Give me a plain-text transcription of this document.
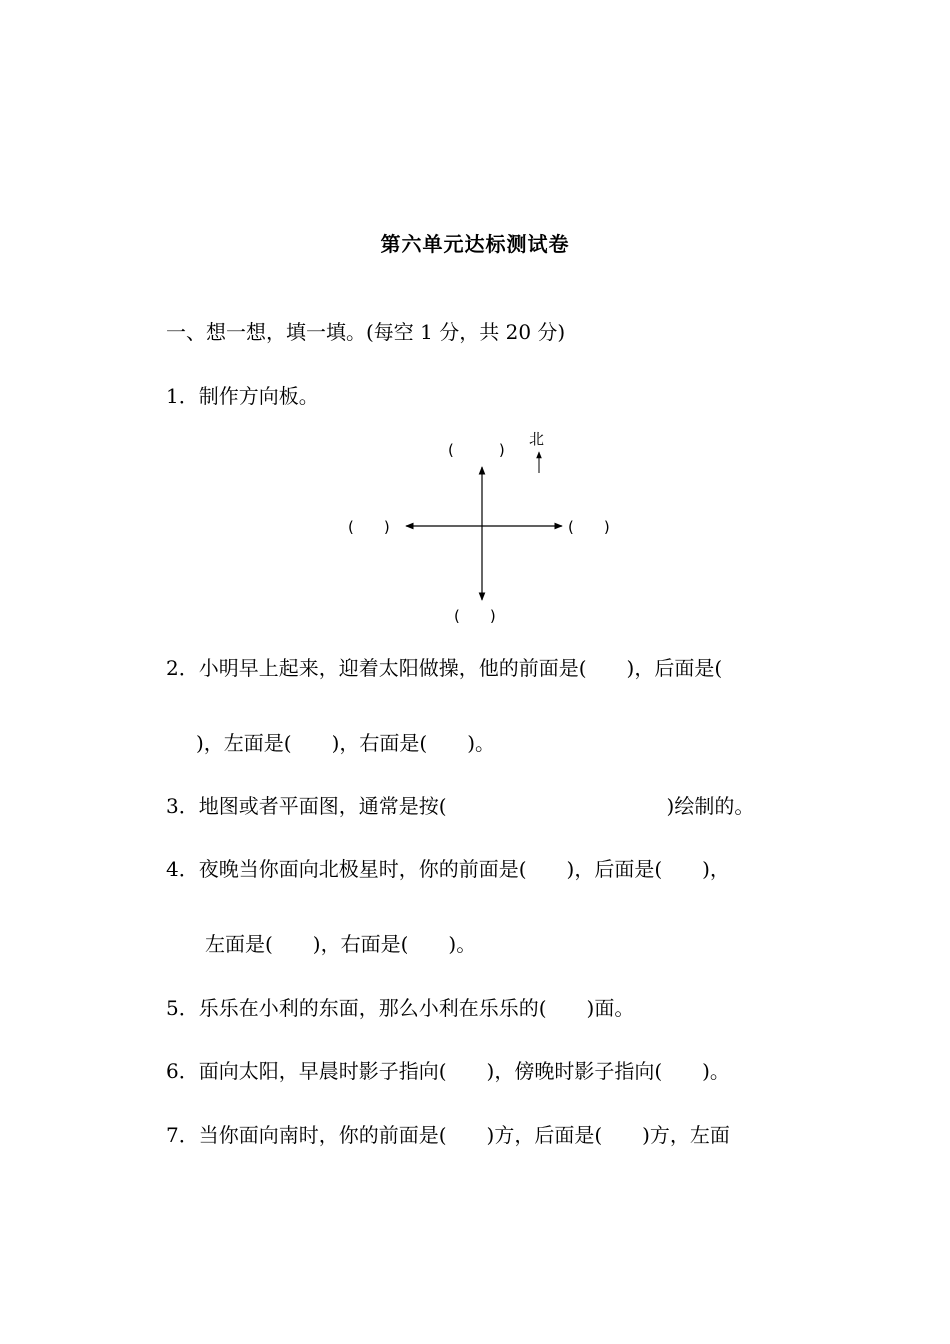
第六单元达标测试卷
一、想一想，填一填。(每空 1 分，共 20 分)
1．制作方向板。
北
(　　　)
(　　)	(　　)
(　　)
2．小明早上起来，迎着太阳做操，他的前面是(　　)，后面是(
)，左面是(　　)，右面是(　　)。
3．地图或者平面图，通常是按(　　　　　　　　　　　)绘制的。
4．夜晚当你面向北极星时，你的前面是(　　)，后面是(　　)，
左面是(　　)，右面是(　　)。
5．乐乐在小利的东面，那么小利在乐乐的(　　)面。
6．面向太阳，早晨时影子指向(　　)，傍晚时影子指向(　　)。
7．当你面向南时，你的前面是(　　)方，后面是(　　)方，左面
